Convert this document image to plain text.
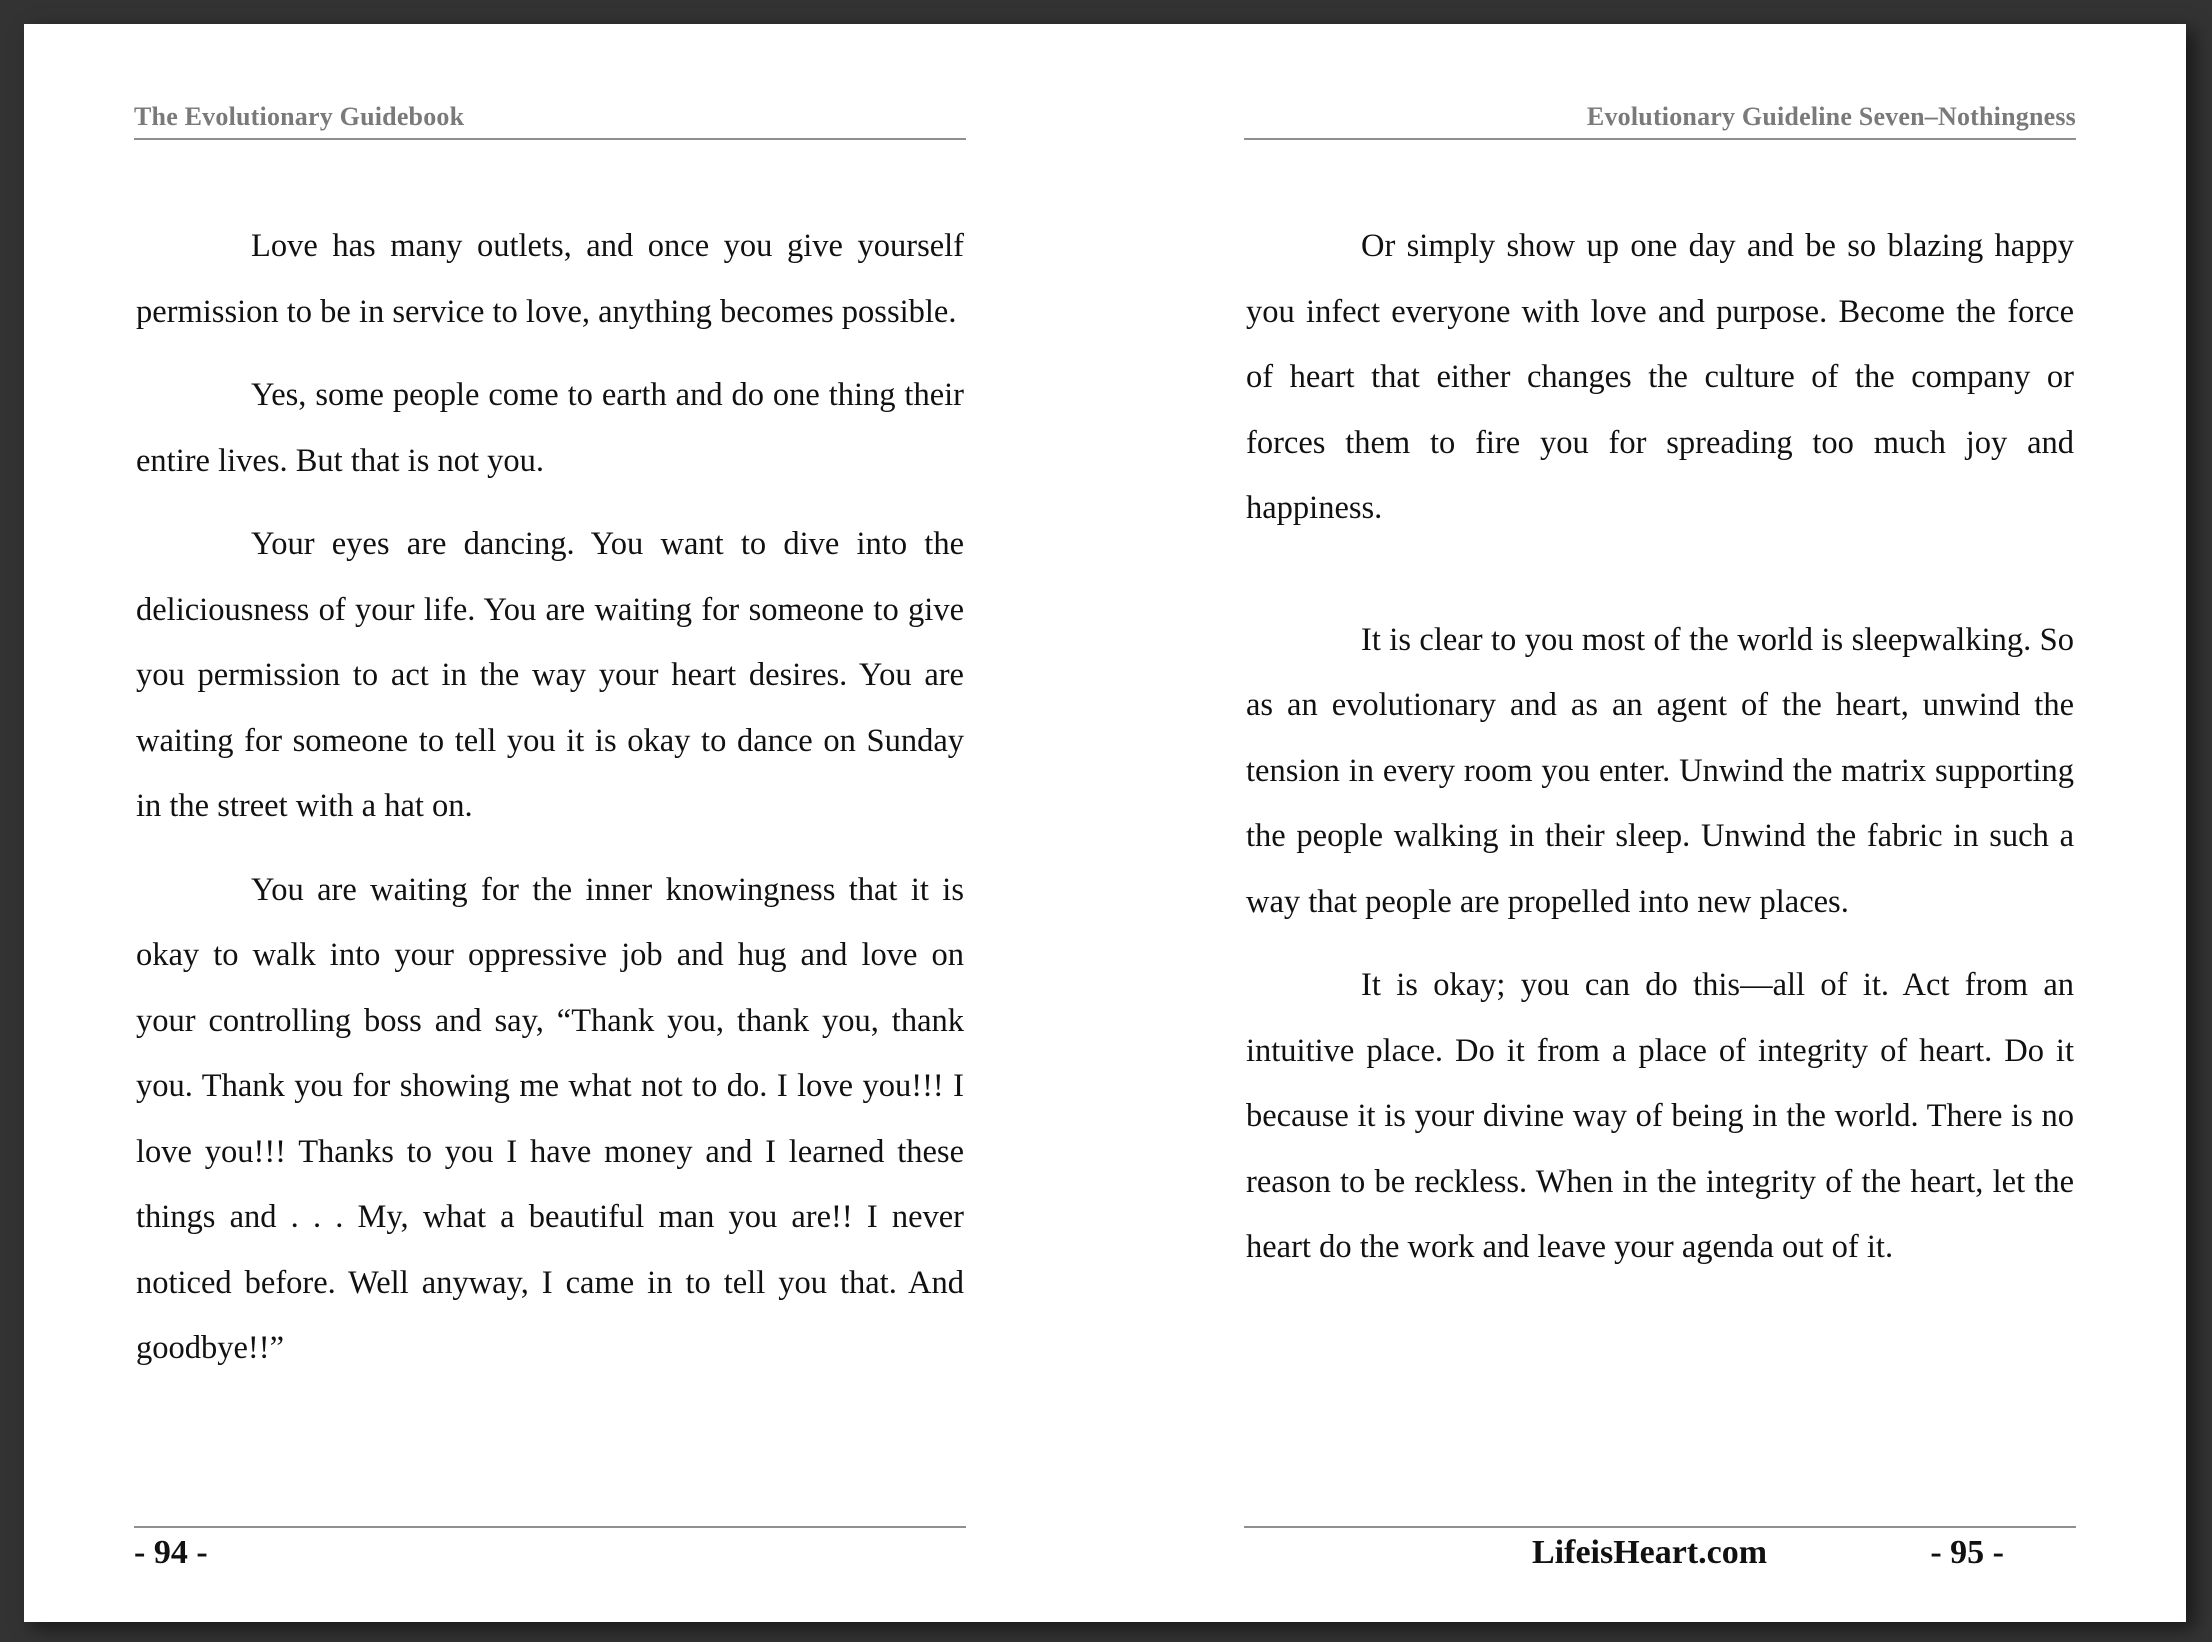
The Evolutionary Guidebook

Love has many outlets, and once you give yourself permission to be in service to love, anything becomes possible.

Yes, some people come to earth and do one thing their entire lives. But that is not you.

Your eyes are dancing. You want to dive into the deliciousness of your life. You are waiting for someone to give you permission to act in the way your heart desires. You are waiting for someone to tell you it is okay to dance on Sunday in the street with a hat on.

You are waiting for the inner knowingness that it is okay to walk into your oppressive job and hug and love on your controlling boss and say, “Thank you, thank you, thank you. Thank you for showing me what not to do. I love you!!! I love you!!! Thanks to you I have money and I learned these things and . . . My, what a beautiful man you are!! I never noticed before. Well anyway, I came in to tell you that. And goodbye!!”

- 94 -
Evolutionary Guideline Seven–Nothingness

Or simply show up one day and be so blazing happy you infect everyone with love and purpose. Become the force of heart that either changes the culture of the company or forces them to fire you for spreading too much joy and happiness.

It is clear to you most of the world is sleepwalking. So as an evolutionary and as an agent of the heart, unwind the tension in every room you enter. Unwind the matrix supporting the people walking in their sleep. Unwind the fabric in such a way that people are propelled into new places.

It is okay; you can do this—all of it. Act from an intuitive place. Do it from a place of integrity of heart. Do it because it is your divine way of being in the world. There is no reason to be reckless. When in the integrity of the heart, let the heart do the work and leave your agenda out of it.

LifeisHeart.com	- 95 -
